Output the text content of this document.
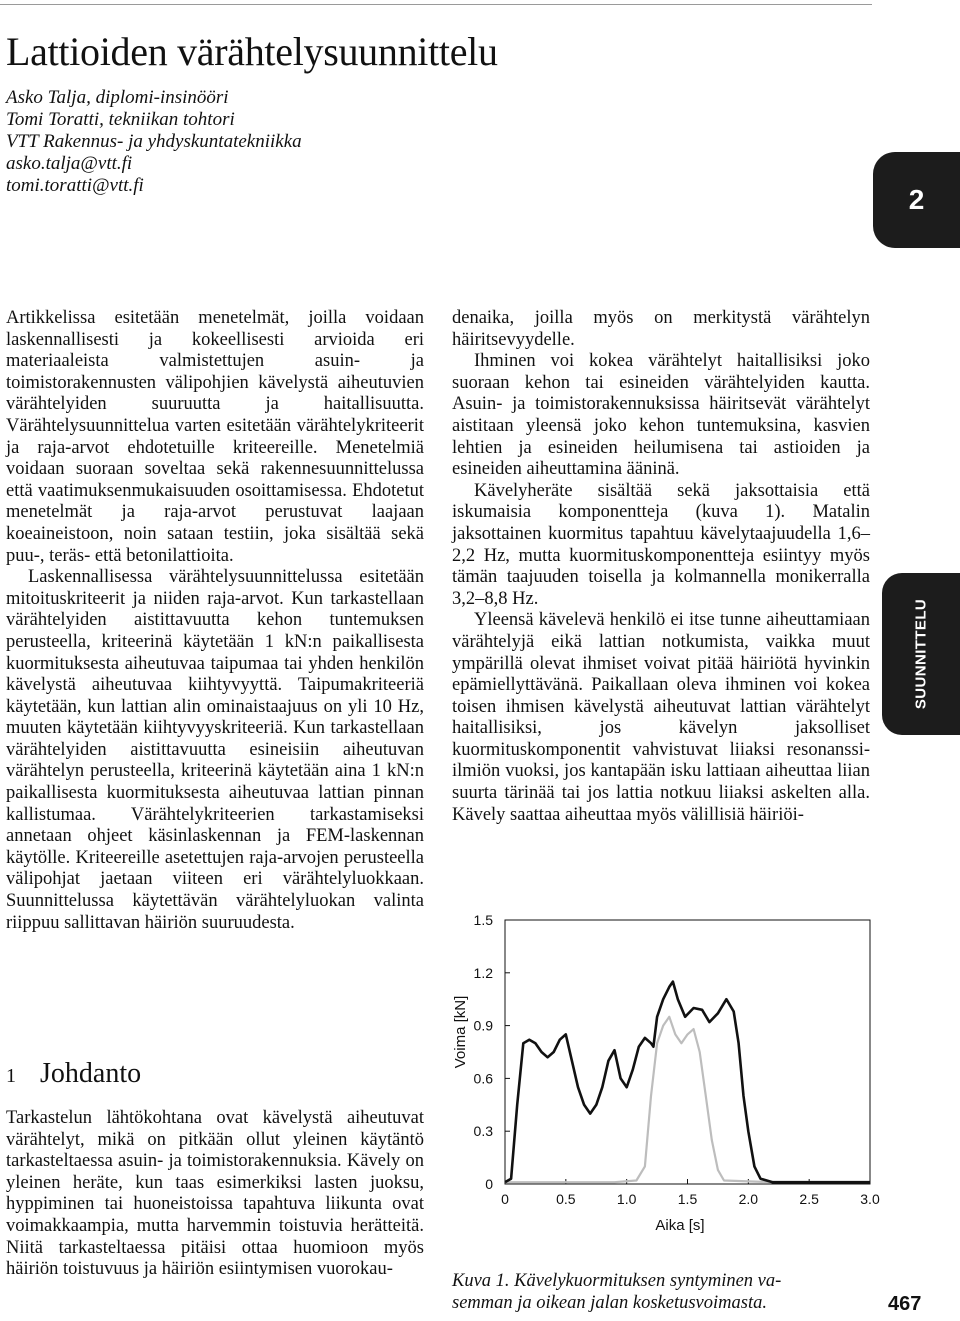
Lattioiden värähtelysuunnittelu
Asko Talja, diplomi-insinööri
Tomi Toratti, tekniikan tohtori
VTT Rakennus- ja yhdyskuntatekniikka
asko.talja@vtt.fi
tomi.toratti@vtt.fi	2
SUUNNITTELU

Artikkelissa esitetään menetelmät, joilla voidaan laskennallisesti ja kokeellisesti arvioida eri materiaaleista valmistettujen asuin- ja toimistorakennusten välipohjien kävelystä aiheutuvien värähtelyiden suuruutta ja haitallisuutta. Värähtelysuunnittelua varten esitetään värähtelykriteerit ja raja-arvot ehdotetuille kriteereille. Menetelmiä voidaan suoraan soveltaa sekä rakennesuunnittelussa että vaatimuksenmukaisuuden osoittamisessa. Ehdotetut menetelmät ja raja-arvot perustuvat laajaan koeaineistoon, noin sataan testiin, joka sisältää sekä puu-, teräs- että betonilattioita.

Laskennallisessa värähtelysuunnittelussa esitetään mitoituskriteerit ja niiden raja-arvot. Kun tarkastellaan värähtelyiden aistittavuutta kehon tuntemuksen perusteella, kriteerinä käytetään 1 kN:n paikallisesta kuormituksesta aiheutuvaa taipumaa tai yhden henkilön kävelystä aiheutuvaa kiihtyvyyttä. Taipumakriteeriä käytetään, kun lattian alin ominaistaajuus on yli 10 Hz, muuten käytetään kiihtyvyyskriteeriä. Kun tarkastellaan värähtelyiden aistittavuutta esineisiin aiheutuvan värähtelyn perusteella, kriteerinä käytetään aina 1 kN:n paikallisesta kuormituksesta aiheutuvaa lattian pinnan kallistumaa. Värähtelykriteerien tarkastamiseksi annetaan ohjeet käsinlaskennan ja FEM-laskennan käytölle. Kriteereille asetettujen raja-arvojen perusteella välipohjat jaetaan viiteen eri värähtelyluokkaan. Suunnittelussa käytettävän värähtelyluokan valinta riippuu sallittavan häiriön suuruudesta.

1 Johdanto

Tarkastelun lähtökohtana ovat kävelystä aiheutuvat värähtelyt, mikä on pitkään ollut yleinen käytäntö tarkasteltaessa asuin- ja toimistorakennuksia. Kävely on yleinen heräte, kun taas esimerkiksi lasten juoksu, hyppiminen tai huoneistoissa tapahtuva liikunta ovat voimakkaampia, mutta harvemmin toistuvia herätteitä. Niitä tarkasteltaessa pitäisi ottaa huomioon myös häiriön toistuvuus ja häiriön esiintymisen vuorokau-

denaika, joilla myös on merkitystä värähtelyn häiritsevyydelle.

Ihminen voi kokea värähtelyt haitallisiksi joko suoraan kehon tai esineiden värähtelyiden kautta. Asuin- ja toimistorakennuksissa häiritsevät värähtelyt aistitaan yleensä joko kehon tuntemuksina, kasvien lehtien ja esineiden heilumisena tai astioiden ja esineiden aiheuttamina ääninä.

Kävelyheräte sisältää sekä jaksottaisia että iskumaisia komponentteja (kuva 1). Matalin jaksottainen kuormitus tapahtuu kävelytaajuudella 1,6–2,2 Hz, mutta kuormituskomponentteja esiintyy myös tämän taajuuden toisella ja kolmannella monikerralla 3,2–8,8 Hz.

Yleensä kävelevä henkilö ei itse tunne aiheuttamiaan värähtelyjä eikä lattian notkumista, vaikka muut ympärillä olevat ihmiset voivat pitää häiriötä hyvinkin epämiellyttävänä. Paikallaan oleva ihminen voi kokea toisen ihmisen kävelystä aiheutuvat lattian värähtelyt haitallisiksi, jos kävelyn jaksolliset kuormituskomponentit vahvistuvat liiaksi resonanssi-ilmiön vuoksi, jos kantapään isku lattiaan aiheuttaa liian suurta tärinää tai jos lattia notkuu liiaksi askelten alla. Kävely saattaa aiheuttaa myös välillisiä häiriöi-

0
0.3
0.6
0.9
1.2
1.5
0	0.5	1.0	1.5	2.0	2.5	3.0
Voima [kN]
Aika [s]
Kuva 1. Kävelykuormituksen syntyminen va-
semman ja oikean jalan kosketusvoimasta.	467
